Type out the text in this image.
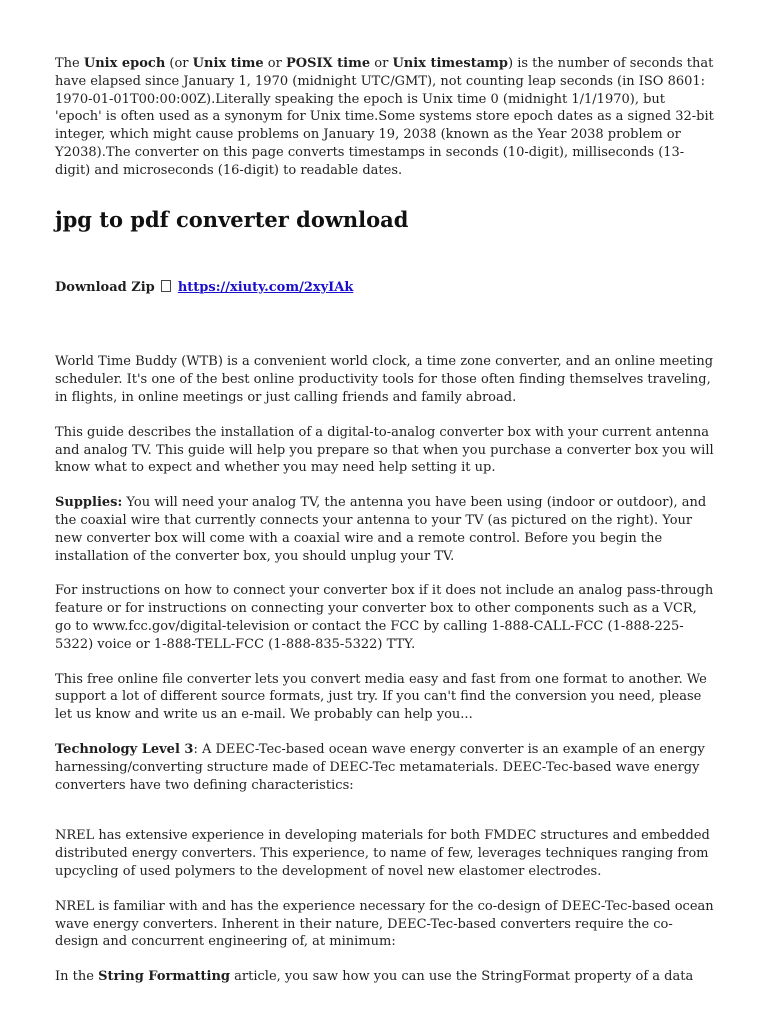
The Unix epoch (or Unix time or POSIX time or Unix timestamp) is the number of seconds that have elapsed since January 1, 1970 (midnight UTC/GMT), not counting leap seconds (in ISO 8601: 1970-01-01T00:00:00Z).Literally speaking the epoch is Unix time 0 (midnight 1/1/1970), but 'epoch' is often used as a synonym for Unix time.Some systems store epoch dates as a signed 32-bit integer, which might cause problems on January 19, 2038 (known as the Year 2038 problem or Y2038).The converter on this page converts timestamps in seconds (10-digit), milliseconds (13-digit) and microseconds (16-digit) to readable dates.

jpg to pdf converter download

Download Zip https://xiuty.com/2xyIAk

World Time Buddy (WTB) is a convenient world clock, a time zone converter, and an online meeting scheduler. It's one of the best online productivity tools for those often finding themselves traveling, in flights, in online meetings or just calling friends and family abroad.

This guide describes the installation of a digital-to-analog converter box with your current antenna and analog TV. This guide will help you prepare so that when you purchase a converter box you will know what to expect and whether you may need help setting it up.

Supplies: You will need your analog TV, the antenna you have been using (indoor or outdoor), and the coaxial wire that currently connects your antenna to your TV (as pictured on the right). Your new converter box will come with a coaxial wire and a remote control. Before you begin the installation of the converter box, you should unplug your TV.

For instructions on how to connect your converter box if it does not include an analog pass-through feature or for instructions on connecting your converter box to other components such as a VCR, go to www.fcc.gov/digital-television or contact the FCC by calling 1-888-CALL-FCC (1-888-225-5322) voice or 1-888-TELL-FCC (1-888-835-5322) TTY.

This free online file converter lets you convert media easy and fast from one format to another. We support a lot of different source formats, just try. If you can't find the conversion you need, please let us know and write us an e-mail. We probably can help you...

Technology Level 3: A DEEC-Tec-based ocean wave energy converter is an example of an energy harnessing/converting structure made of DEEC-Tec metamaterials. DEEC-Tec-based wave energy converters have two defining characteristics:

NREL has extensive experience in developing materials for both FMDEC structures and embedded distributed energy converters. This experience, to name of few, leverages techniques ranging from upcycling of used polymers to the development of novel new elastomer electrodes.

NREL is familiar with and has the experience necessary for the co-design of DEEC-Tec-based ocean wave energy converters. Inherent in their nature, DEEC-Tec-based converters require the co-design and concurrent engineering of, at minimum:

In the String Formatting article, you saw how you can use the StringFormat property of a data
